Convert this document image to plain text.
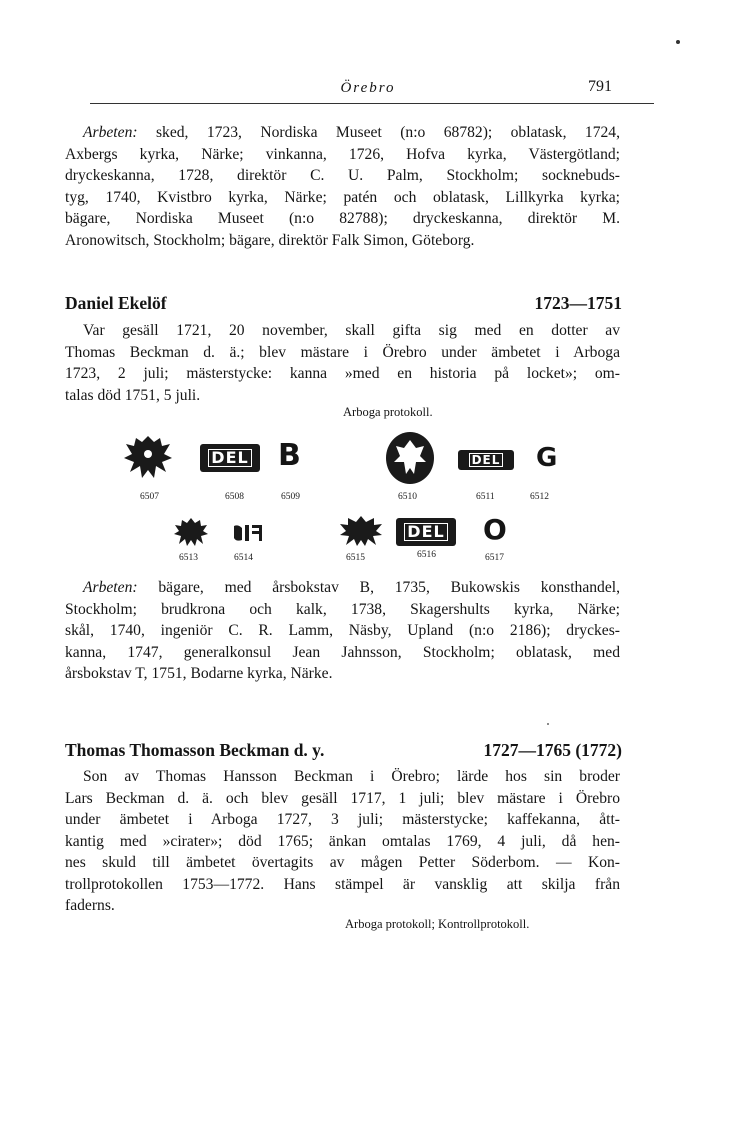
Örebro	791
Arbeten: sked, 1723, Nordiska Museet (n:o 68782); oblatask, 1724,
Axbergs kyrka, Närke; vinkanna, 1726, Hofva kyrka, Västergötland;
dryckeskanna, 1728, direktör C. U. Palm, Stockholm; socknebuds-
tyg, 1740, Kvistbro kyrka, Närke; patén och oblatask, Lillkyrka kyrka;
bägare, Nordiska Museet (n:o 82788); dryckeskanna, direktör M.
Aronowitsch, Stockholm; bägare, direktör Falk Simon, Göteborg.
Daniel Ekelöf	1723—1751
Var gesäll 1721, 20 november, skall gifta sig med en dotter av
Thomas Beckman d. ä.; blev mästare i Örebro under ämbetet i Arboga
1723, 2 juli; mästerstycke: kanna »med en historia på locket»; om-
talas död 1751, 5 juli.
Arboga protokoll.
DEL B	DEL G
6507	6508	6509	6510	6511	6512
DEL O
6513	6514	6515	6516	6517
Arbeten: bägare, med årsbokstav B, 1735, Bukowskis konsthandel,
Stockholm; brudkrona och kalk, 1738, Skagershults kyrka, Närke;
skål, 1740, ingeniör C. R. Lamm, Näsby, Upland (n:o 2186); dryckes-
kanna, 1747, generalkonsul Jean Jahnsson, Stockholm; oblatask, med
årsbokstav T, 1751, Bodarne kyrka, Närke.
Thomas Thomasson Beckman d. y.	1727—1765 (1772)
Son av Thomas Hansson Beckman i Örebro; lärde hos sin broder
Lars Beckman d. ä. och blev gesäll 1717, 1 juli; blev mästare i Örebro
under ämbetet i Arboga 1727, 3 juli; mästerstycke; kaffekanna, ått-
kantig med »cirater»; död 1765; änkan omtalas 1769, 4 juli, då hen-
nes skuld till ämbetet övertagits av mågen Petter Söderbom. — Kon-
trollprotokollen 1753—1772. Hans stämpel är vansklig att skilja från
faderns.
Arboga protokoll; Kontrollprotokoll.
